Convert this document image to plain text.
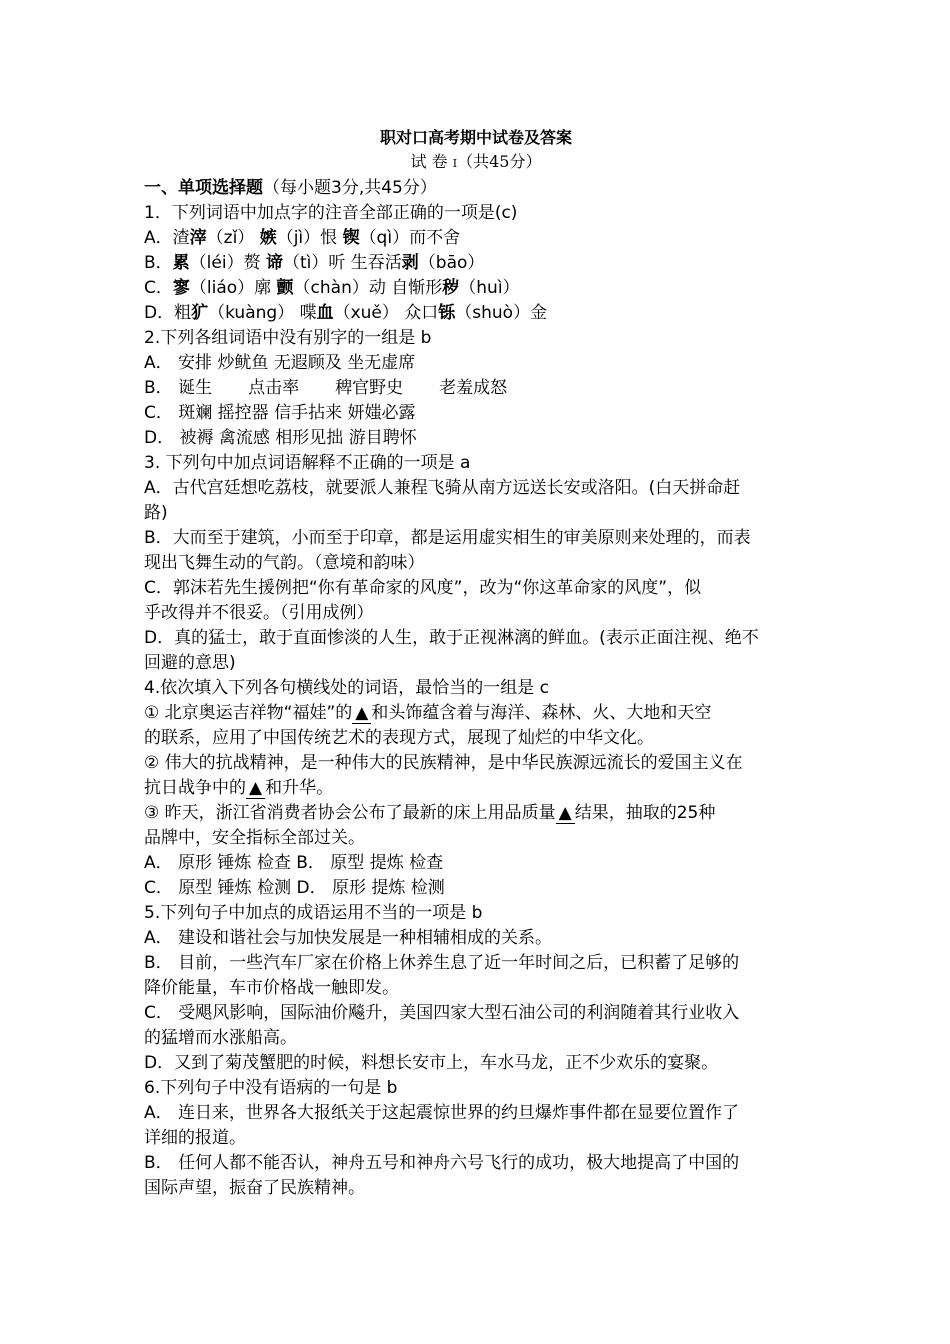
职对口高考期中试卷及答案
试 卷 I（共45分）
一、单项选择题（每小题3分,共45分）
1．下列词语中加点字的注音全部正确的一项是(c)
A．渣滓（zǐ） 嫉（jì）恨 锲（qì）而不舍
B．累（léi）赘 谛（tì）听 生吞活剥（bāo）
C．寥（liáo）廓 颤（chàn）动 自惭形秽（huì）
D．粗犷（kuàng） 喋血（xuě） 众口铄（shuò）金
2.下列各组词语中没有别字的一组是 b
A． 安排 炒鱿鱼 无遐顾及 坐无虚席
B． 诞生 点击率 稗官野史 老羞成怒
C． 斑斓 摇控器 信手拈来 妍媸必露
D． 被褥 禽流感 相形见拙 游目聘怀
3. 下列句中加点词语解释不正确的一项是 a
A．古代宫廷想吃荔枝，就要派人兼程飞骑从南方远送长安或洛阳。(白天拼命赶
路)
B．大而至于建筑，小而至于印章，都是运用虚实相生的审美原则来处理的，而表
现出飞舞生动的气韵。（意境和韵味）
C．郭沫若先生援例把“你有革命家的风度”，改为“你这革命家的风度”，似
乎改得并不很妥。（引用成例）
D．真的猛士，敢于直面惨淡的人生，敢于正视淋漓的鲜血。(表示正面注视、绝不
回避的意思)
4.依次填入下列各句横线处的词语，最恰当的一组是 c
① 北京奥运吉祥物“福娃”的 ▲ 和头饰蕴含着与海洋、森林、火、大地和天空
的联系，应用了中国传统艺术的表现方式，展现了灿烂的中华文化。
② 伟大的抗战精神，是一种伟大的民族精神，是中华民族源远流长的爱国主义在
抗日战争中的 ▲ 和升华。
③ 昨天，浙江省消费者协会公布了最新的床上用品质量 ▲ 结果，抽取的25种
品牌中，安全指标全部过关。
A． 原形 锤炼 检查 B． 原型 提炼 检查
C． 原型 锤炼 检测 D． 原形 提炼 检测
5.下列句子中加点的成语运用不当的一项是 b
A． 建设和谐社会与加快发展是一种相辅相成的关系。
B． 目前，一些汽车厂家在价格上休养生息了近一年时间之后，已积蓄了足够的
降价能量，车市价格战一触即发。
C． 受飓风影响，国际油价飚升，美国四家大型石油公司的利润随着其行业收入
的猛增而水涨船高。
D．又到了菊茂蟹肥的时候，料想长安市上，车水马龙，正不少欢乐的宴聚。
6.下列句子中没有语病的一句是 b
A． 连日来，世界各大报纸关于这起震惊世界的约旦爆炸事件都在显要位置作了
详细的报道。
B． 任何人都不能否认，神舟五号和神舟六号飞行的成功，极大地提高了中国的
国际声望，振奋了民族精神。
